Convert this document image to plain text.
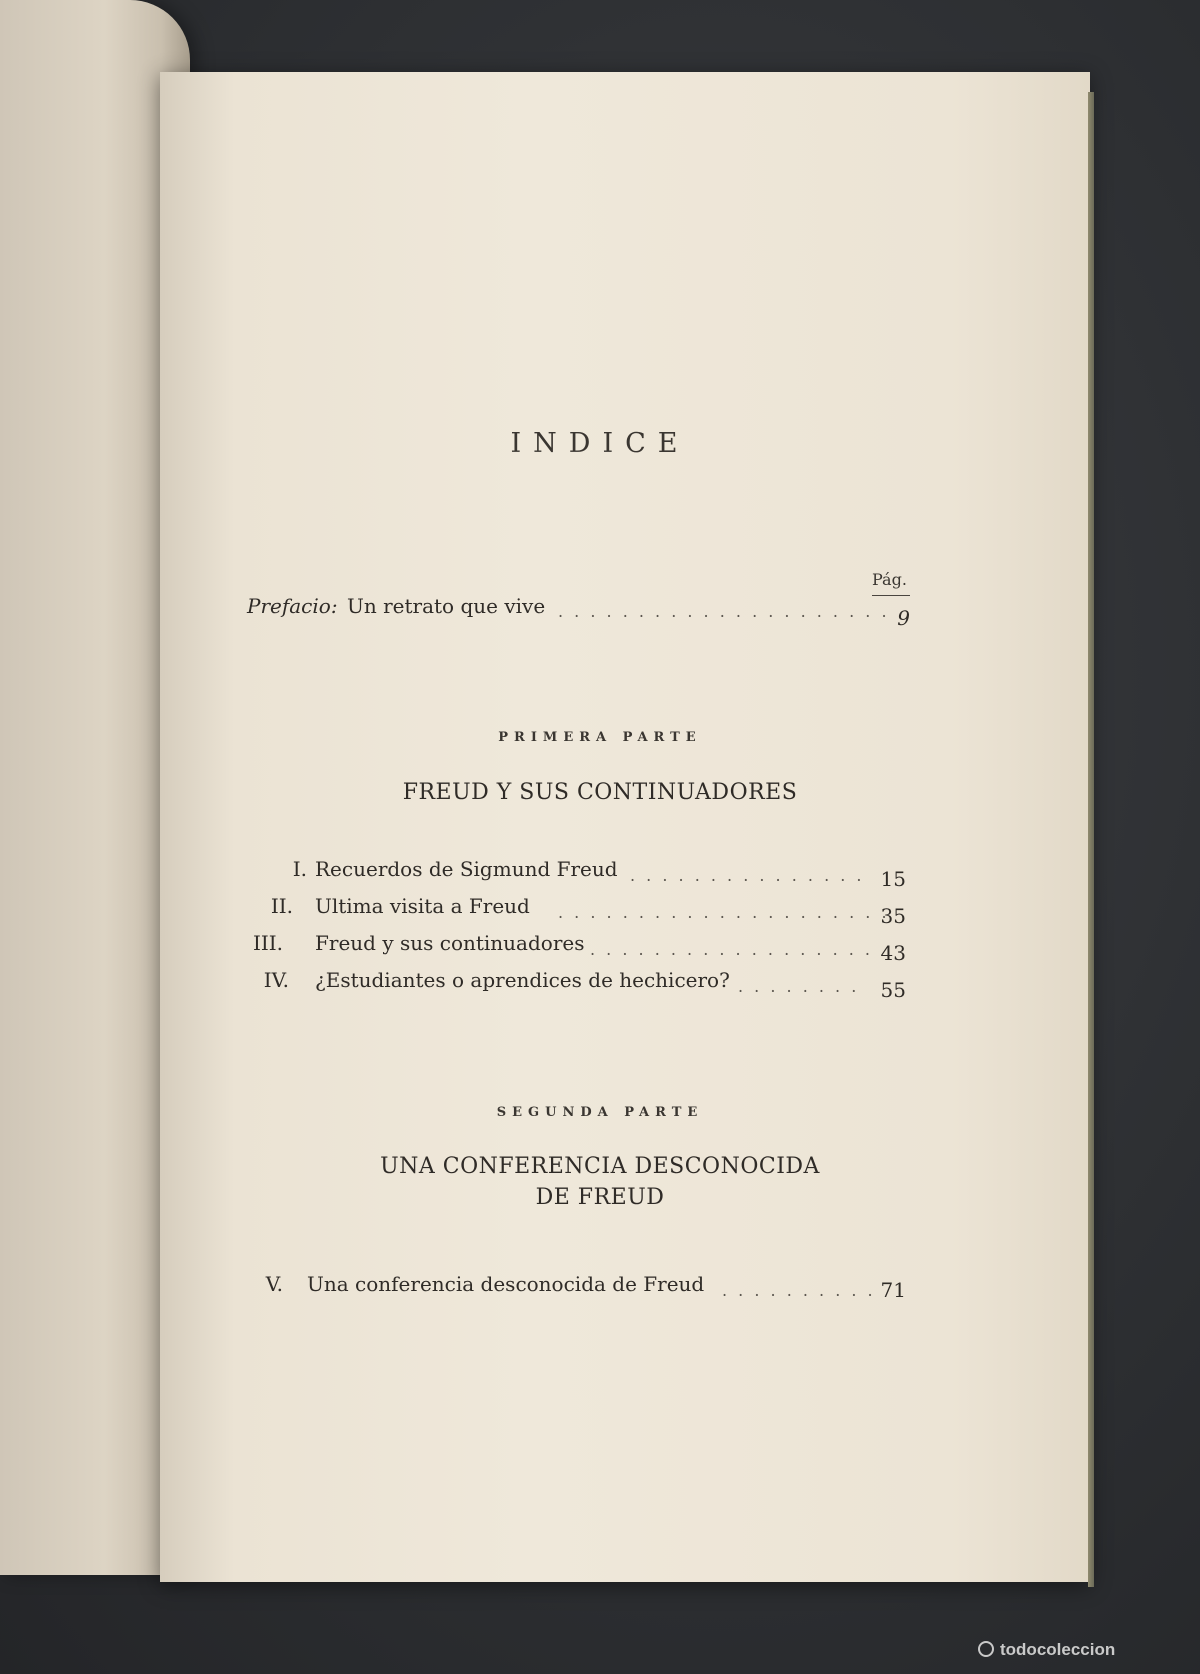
INDICE
Pág.
Prefacio: Un retrato que vive . . . . . . . . . . . . . . . . . . . . . 9
PRIMERA PARTE
FREUD Y SUS CONTINUADORES
I. Recuerdos de Sigmund Freud . . . . . . . . . . . . . . . 15
II. Ultima visita a Freud . . . . . . . . . . . . . . . . . . . . .
35
III. Freud y sus continuadores . . . . . . . . . . . . . . . . . . 43
IV. ¿Estudiantes o aprendices de hechicero? . . . . . . . .	55
SEGUNDA PARTE
UNA CONFERENCIA DESCONOCIDA
DE FREUD
V. Una conferencia desconocida de Freud . . . . . . . . . . 71
todocoleccion
